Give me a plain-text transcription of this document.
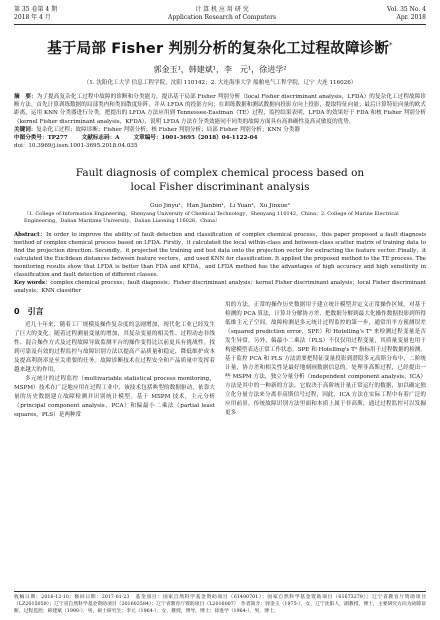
第 35 卷第 4 期
2018 年 4 月
计 算 机 应 用 研 究
Application Research of Computers
Vol. 35 No. 4
Apr. 2018
基于局部 Fisher 判别分析的复杂化工过程故障诊断*
郭金玉¹，韩建斌¹，李　元¹，徐进学²
（1. 沈阳化工大学 信息工程学院，沈阳 110142；2. 大连海事大学 船舶电气工程学院，辽宁 大连 116026）
摘　要：为了提高复杂化工过程中故障的诊断和分类能力，提出基于局部 Fisher 判别分析（local Fisher discriminant analysis，LFDA）的复杂化工过程故障诊断方法。首先计算训练数据的局部类内和类间散度矩阵，并从 LFDA 的投影方向；在训练数据和测试数据向投影方向上投影，提取特征向量；最后计算特征向量的欧式距离，运用 KNN 分类器进行分类。把提出的 LFDA 方法应用到 Tennessee-Eastman（TE）过程，监控结果表明，LFDA 的效果好于 FDA 和核 Fisher 判别分析（kernel Fisher discriminant analysis，KFDA），说明 LFDA 方法在分类效能同不同类的故障方面具有高准确性及高灵敏度的优势。
关键词：复杂化工过程；故障诊断；Fisher 判别分析；核 Fisher 判别分析；局部 Fisher 判别分析；KNN 分类器
中图分类号：TP277	文献标志码：A	文章编号：1001-3695（2018）04-1122-04
doi：10.3969/j.issn.1001-3695.2018.04.035
Fault diagnosis of complex chemical process based on
local Fisher discriminant analysis
Guo Jinyu¹，Han Jianbin¹，Li Yuan¹，Xu Jinxue²
（1. College of Information Engineering，Shenyang University of Chemical Technology，Shenyang 110142，China；2. College of Marine Electrical Engineering，Dalian Maritime University，Dalian Liaoning 116026，China）
Abstract：In order to improve the ability of fault detection and classification of complex chemical process，this paper proposed a fault diagnosis method of complex chemical process based on LFDA. Firstly，it calculated the local within-class and between-class scatter matrix of training data to find the projection direction. Secondly，it projected the training and test data onto the projection vector for extracting the feature vector. Finally，it calculated the Euclidean distances between feature vectors，and used KNN for classification. It applied the proposed method to the TE process. The monitoring results show that LFDA is better than FDA and KFDA，and LFDA method has the advantages of high accuracy and high sensitivity in classification and fault detection of different classes.
Key words：complex chemical process；fault diagnosis；Fisher discriminant analysis；kernel Fisher discriminant analysis；local Fisher discriminant analysis；KNN classifier
0　引言

近几十年来，随着工厂规模及操作复杂度的急剧增加，现代化工业已经发生了巨大的变化。随着过程测量变量的增加，其复杂变量的相关性、过程动态非线性、混合操作方式及过程故障导致监测平台的操作变得比以前更具有挑战性。找到可靠及有效的过程监控与故障识别方法以提高产品质量和稳定，降低维护成本及提高利润率是至关重要的任务。故障诊断技术在过程安全和产品质量中发挥着越来越大的作用。

多元统计的过程监控（multivariable statistical process monitoring，MSPM）技术在广泛地应用在过程工业中，该技术包括典型的数据驱动，依靠大量的历史数据建立故障检测并识别统计模型。基于 MSPM 技术，主元分析（principal component analysis，PCA）和偏最小二乘法（partial least squares，PLS）是两种常

用的方法。正常的操作历史数据用于建立统计模型并定义正常操作区域，对基于检测的 PCA 算法，计算并分解协方差，把数据分解到最大化操作数据投影到所得低维主元子空间。故障检测是多元统计过程监控的第一步，通常用平方预测误差（squared prediction error，SPE）和 Hotelling's T² 来检测过程变量是否发生异常。另外，偏最小二乘法（PLS）不仅仅用过程变量，其质量变量也用于构建模型表达正常工作状态。SPE 和 Hotelling's T² 指标用于过程数据的检测。基于监控 PCA 和 PLS 方法需要把特征变量投影到潜隐多元高斯分布中，二阶统计量，协方差和相关性是最好地刻画数据信息的。处理非高斯过程，已经提出一些 MSPM 方法，独立分量分析（independent component analysis，ICA）方法是其中的一种新的方法。它取决于高阶统计量正常运行的数据，加以确定独立化分量方法来分离非高斯信号过程，因此，ICA 方法在实际工程中有着广泛的应用前景。传统故障识别方法里面和本质上属于非高斯，通过过程监控可以发掘更多

收稿日期：2016-12-10；修回日期：2017-01-23　基金项目：国家自然科学基金资助项目（61490701）；国家自然科学基金资助项目（61673279）；辽宁省教育厅资助项目（LZ2015059）；辽宁省自然科学基金资助项目（201602584）；辽宁省教育厅资助项目（L2016007）　作者简介：郭金玉（1975-），女，辽宁沈阳人，副教授，博士，主要研究方向为故障诊断、过程监控；韩建斌（1990-），男，硕士研究生；李元（1964-），女，教授，博导，博士；徐进学（1964-），男，博士。
